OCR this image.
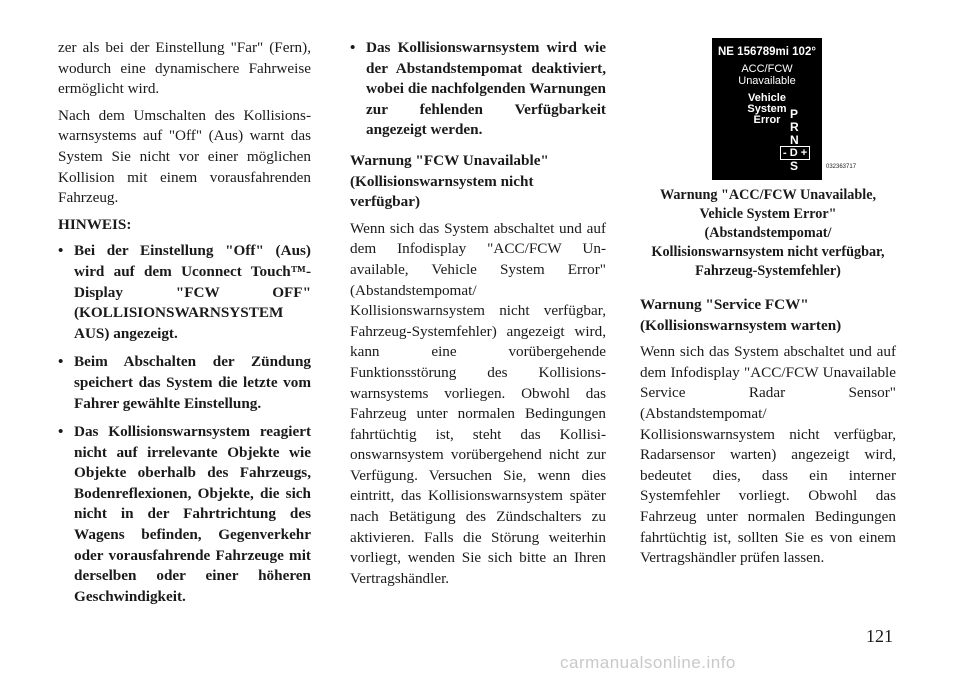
zer als bei der Einstellung "Far" (Fern), wodurch eine dynamischere Fahrweise ermöglicht wird.

Nach dem Umschalten des Kollisionswarnsystems auf "Off" (Aus) warnt das System Sie nicht vor einer möglichen Kollision mit einem vorausfahrenden Fahrzeug.

HINWEIS:

• Bei der Einstellung "Off" (Aus) wird auf dem Uconnect Touch™-Display "FCW OFF" (KOLLISIONSWARNSYSTEM AUS) angezeigt.
• Beim Abschalten der Zündung speichert das System die letzte vom Fahrer gewählte Einstellung.
• Das Kollisionswarnsystem reagiert nicht auf irrelevante Objekte wie Objekte oberhalb des Fahrzeugs, Bodenreflexionen, Objekte, die sich nicht in der Fahrtrichtung des Wagens befinden, Gegenverkehr oder vorausfahrende Fahrzeuge mit derselben oder einer höheren Geschwindigkeit.
• Das Kollisionswarnsystem wird wie der Abstandstempomat deaktiviert, wobei die nachfolgenden Warnungen zur fehlenden Verfügbarkeit angezeigt werden.

Warnung "FCW Unavailable" (Kollisionswarnsystem nicht verfügbar)

Wenn sich das System abschaltet und auf dem Infodisplay "ACC/FCW Unavailable, Vehicle System Error" (Abstandstempomat/ Kollisionswarnsystem nicht verfügbar, Fahrzeug-Systemfehler) angezeigt wird, kann eine vorübergehende Funktionsstörung des Kollisionswarnsystems vorliegen. Obwohl das Fahrzeug unter normalen Bedingungen fahrtüchtig ist, steht das Kollisionswarnsystem vorübergehend nicht zur Verfügung. Versuchen Sie, wenn dies eintritt, das Kollisionswarnsystem später nach Betätigung des Zündschalters zu aktivieren. Falls die Störung weiterhin vorliegt, wenden Sie sich bitte an Ihren Vertragshändler.

NE 156789mi 102°
ACC/FCW
Unavailable
Vehicle
System
Error P
R
N
- D +
S	032363717
Warnung "ACC/FCW Unavailable, Vehicle System Error" (Abstandstempomat/ Kollisionswarnsystem nicht verfügbar, Fahrzeug-Systemfehler)

Warnung "Service FCW" (Kollisionswarnsystem warten)

Wenn sich das System abschaltet und auf dem Infodisplay "ACC/FCW Unavailable Service Radar Sensor" (Abstandstempomat/ Kollisionswarnsystem nicht verfügbar, Radarsensor warten) angezeigt wird, bedeutet dies, dass ein interner Systemfehler vorliegt. Obwohl das Fahrzeug unter normalen Bedingungen fahrtüchtig ist, sollten Sie es von einem Vertragshändler prüfen lassen.

121
carmanualsonline.info
